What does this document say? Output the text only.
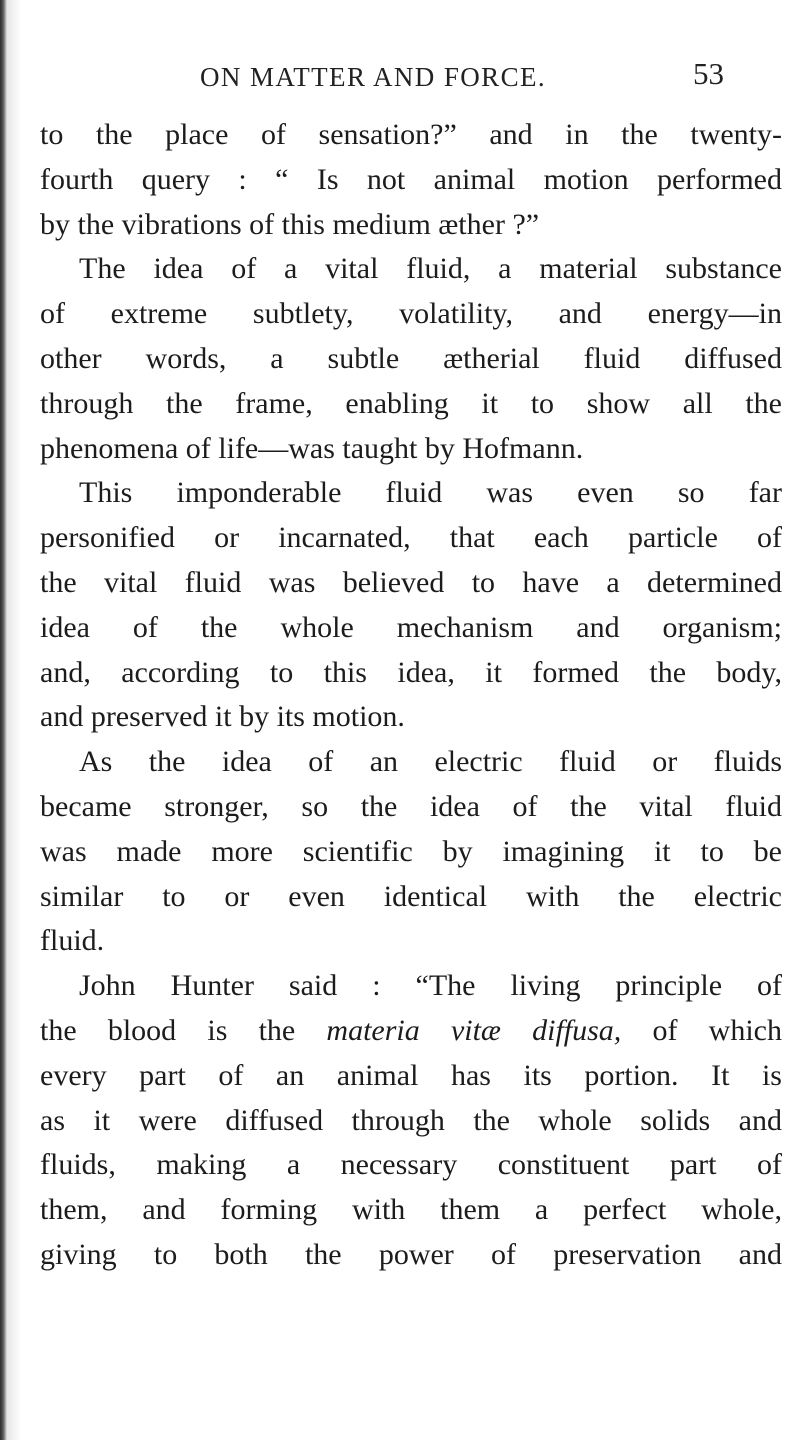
ON MATTER AND FORCE.	53
to the place of sensation?” and in the twenty-
fourth query : “ Is not animal motion performed
by the vibrations of this medium æther ?”
The idea of a vital fluid, a material substance
of extreme subtlety, volatility, and energy—in
other words, a subtle ætherial fluid diffused
through the frame, enabling it to show all the
phenomena of life—was taught by Hofmann.
This imponderable fluid was even so far
personified or incarnated, that each particle of
the vital fluid was believed to have a determined
idea of the whole mechanism and organism;
and, according to this idea, it formed the body,
and preserved it by its motion.
As the idea of an electric fluid or fluids
became stronger, so the idea of the vital fluid
was made more scientific by imagining it to be
similar to or even identical with the electric
fluid.
John Hunter said : “The living principle of
the blood is the materia vitæ diffusa, of which
every part of an animal has its portion. It is
as it were diffused through the whole solids and
fluids, making a necessary constituent part of
them, and forming with them a perfect whole,
giving to both the power of preservation and
